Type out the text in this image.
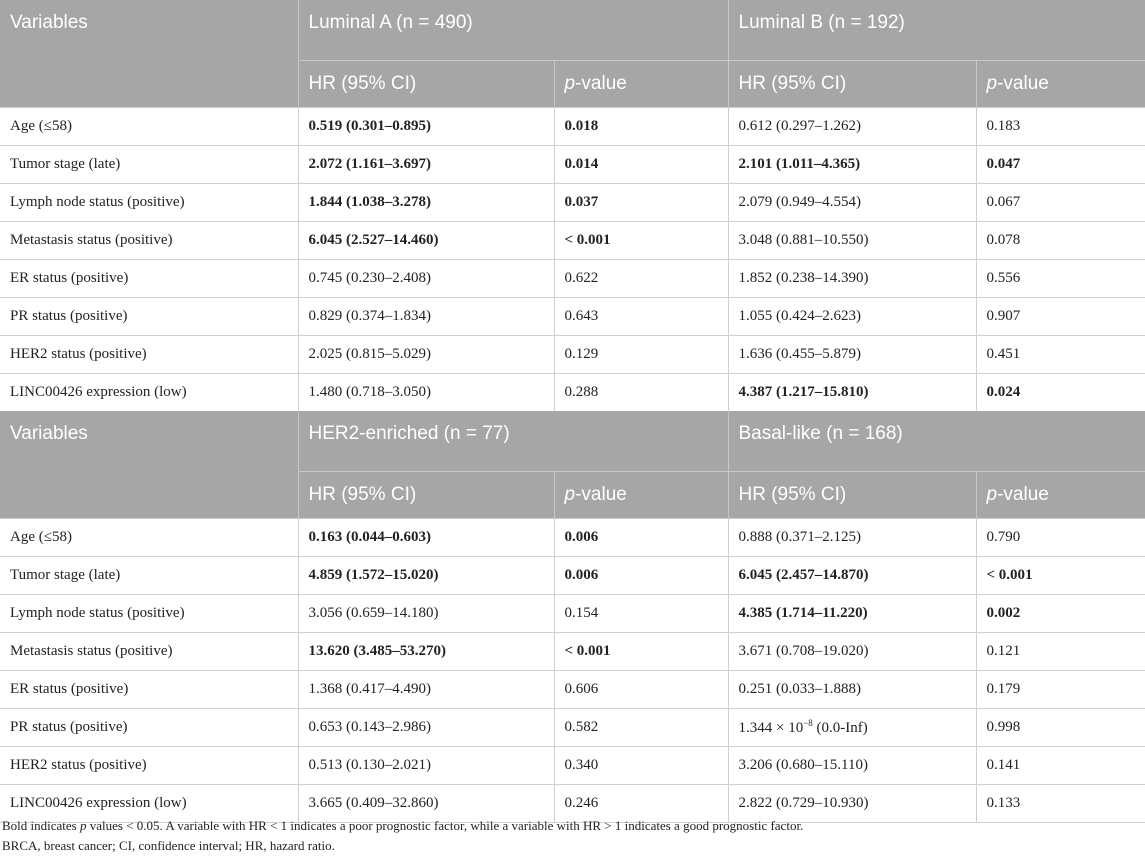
Variables	Luminal A (n = 490)		Luminal B (n = 192)	
	HR (95% CI)	p-value	HR (95% CI)	p-value
Age (≤58)	0.519 (0.301–0.895)	0.018	0.612 (0.297–1.262)	0.183
Tumor stage (late)	2.072 (1.161–3.697)	0.014	2.101 (1.011–4.365)	0.047
Lymph node status (positive)	1.844 (1.038–3.278)	0.037	2.079 (0.949–4.554)	0.067
Metastasis status (positive)	6.045 (2.527–14.460)	< 0.001	3.048 (0.881–10.550)	0.078
ER status (positive)	0.745 (0.230–2.408)	0.622	1.852 (0.238–14.390)	0.556
PR status (positive)	0.829 (0.374–1.834)	0.643	1.055 (0.424–2.623)	0.907
HER2 status (positive)	2.025 (0.815–5.029)	0.129	1.636 (0.455–5.879)	0.451
LINC00426 expression (low)	1.480 (0.718–3.050)	0.288	4.387 (1.217–15.810)	0.024
Variables	HER2-enriched (n = 77)		Basal-like (n = 168)	
	HR (95% CI)	p-value	HR (95% CI)	p-value
Age (≤58)	0.163 (0.044–0.603)	0.006	0.888 (0.371–2.125)	0.790
Tumor stage (late)	4.859 (1.572–15.020)	0.006	6.045 (2.457–14.870)	< 0.001
Lymph node status (positive)	3.056 (0.659–14.180)	0.154	4.385 (1.714–11.220)	0.002
Metastasis status (positive)	13.620 (3.485–53.270)	< 0.001	3.671 (0.708–19.020)	0.121
ER status (positive)	1.368 (0.417–4.490)	0.606	0.251 (0.033–1.888)	0.179
PR status (positive)	0.653 (0.143–2.986)	0.582	$1.344 \times 10^{-8}$ (0.0-Inf)	0.998
HER2 status (positive)	0.513 (0.130–2.021)	0.340	3.206 (0.680–15.110)	0.141
LINC00426 expression (low)	3.665 (0.409–32.860)	0.246	2.822 (0.729–10.930)	0.133

Bold indicates p values < 0.05. A variable with HR < 1 indicates a poor prognostic factor, while a variable with HR > 1 indicates a good prognostic factor.

BRCA, breast cancer; CI, confidence interval; HR, hazard ratio.
